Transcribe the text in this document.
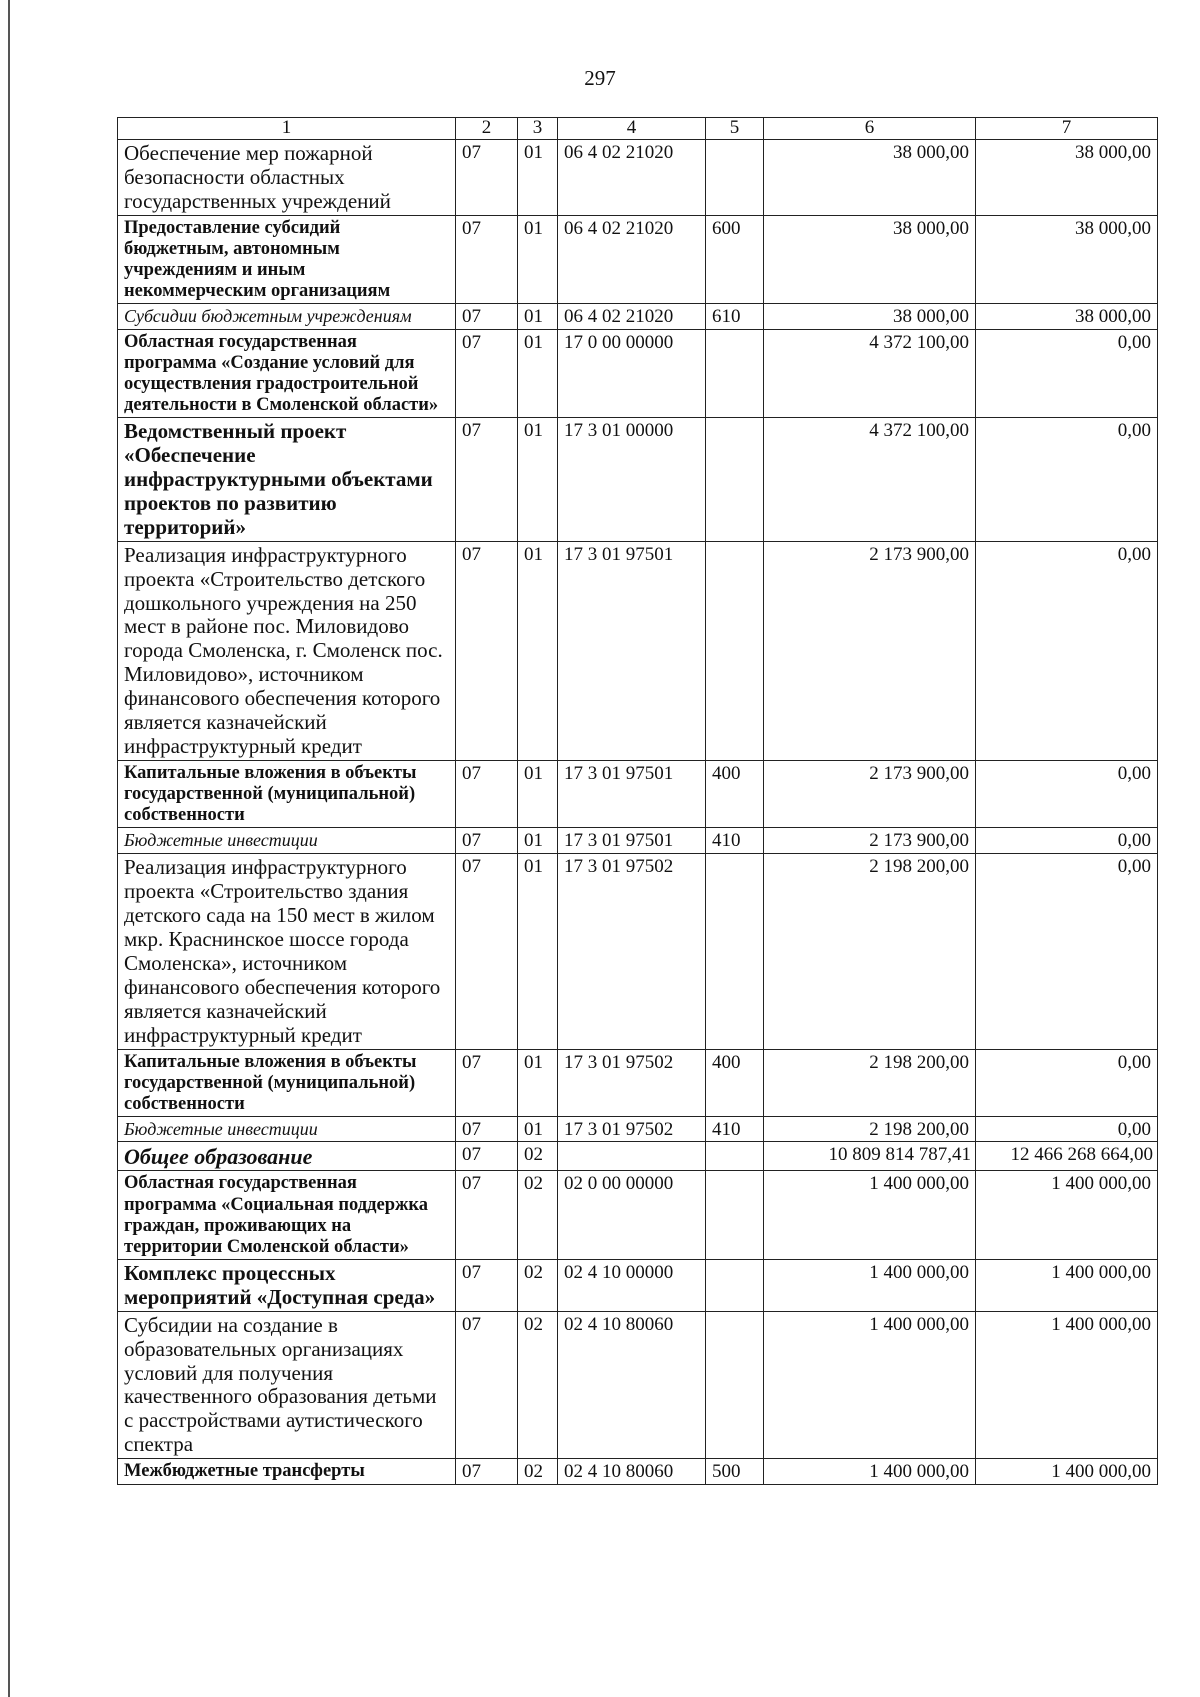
297
1	2	3	4	5	6	7
Обеспечение мер пожарной безопасности областных государственных учреждений	07	01	06 4 02 21020		38 000,00	38 000,00
Предоставление субсидий бюджетным, автономным учреждениям и иным некоммерческим организациям	07	01	06 4 02 21020	600	38 000,00	38 000,00
Субсидии бюджетным учреждениям	07	01	06 4 02 21020	610	38 000,00	38 000,00
Областная государственная программа «Создание условий для осуществления градостроительной деятельности в Смоленской области»	07	01	17 0 00 00000		4 372 100,00	0,00
Ведомственный проект «Обеспечение инфраструктурными объектами проектов по развитию территорий»	07	01	17 3 01 00000		4 372 100,00	0,00
Реализация инфраструктурного проекта «Строительство детского дошкольного учреждения на 250 мест в районе пос. Миловидово города Смоленска, г. Смоленск пос. Миловидово», источником финансового обеспечения которого является казначейский инфраструктурный кредит	07	01	17 3 01 97501		2 173 900,00	0,00
Капитальные вложения в объекты государственной (муниципальной) собственности	07	01	17 3 01 97501	400	2 173 900,00	0,00
Бюджетные инвестиции	07	01	17 3 01 97501	410	2 173 900,00	0,00
Реализация инфраструктурного проекта «Строительство здания детского сада на 150 мест в жилом мкр. Краснинское шоссе города Смоленска», источником финансового обеспечения которого является казначейский инфраструктурный кредит	07	01	17 3 01 97502		2 198 200,00	0,00
Капитальные вложения в объекты государственной (муниципальной) собственности	07	01	17 3 01 97502	400	2 198 200,00	0,00
Бюджетные инвестиции	07	01	17 3 01 97502	410	2 198 200,00	0,00
Общее образование	07	02			10 809 814 787,41	12 466 268 664,00
Областная государственная программа «Социальная поддержка граждан, проживающих на территории Смоленской области»	07	02	02 0 00 00000		1 400 000,00	1 400 000,00
Комплекс процессных мероприятий «Доступная среда»	07	02	02 4 10 00000		1 400 000,00	1 400 000,00
Субсидии на создание в образовательных организациях условий для получения качественного образования детьми с расстройствами аутистического спектра	07	02	02 4 10 80060		1 400 000,00	1 400 000,00
Межбюджетные трансферты	07	02	02 4 10 80060	500	1 400 000,00	1 400 000,00
